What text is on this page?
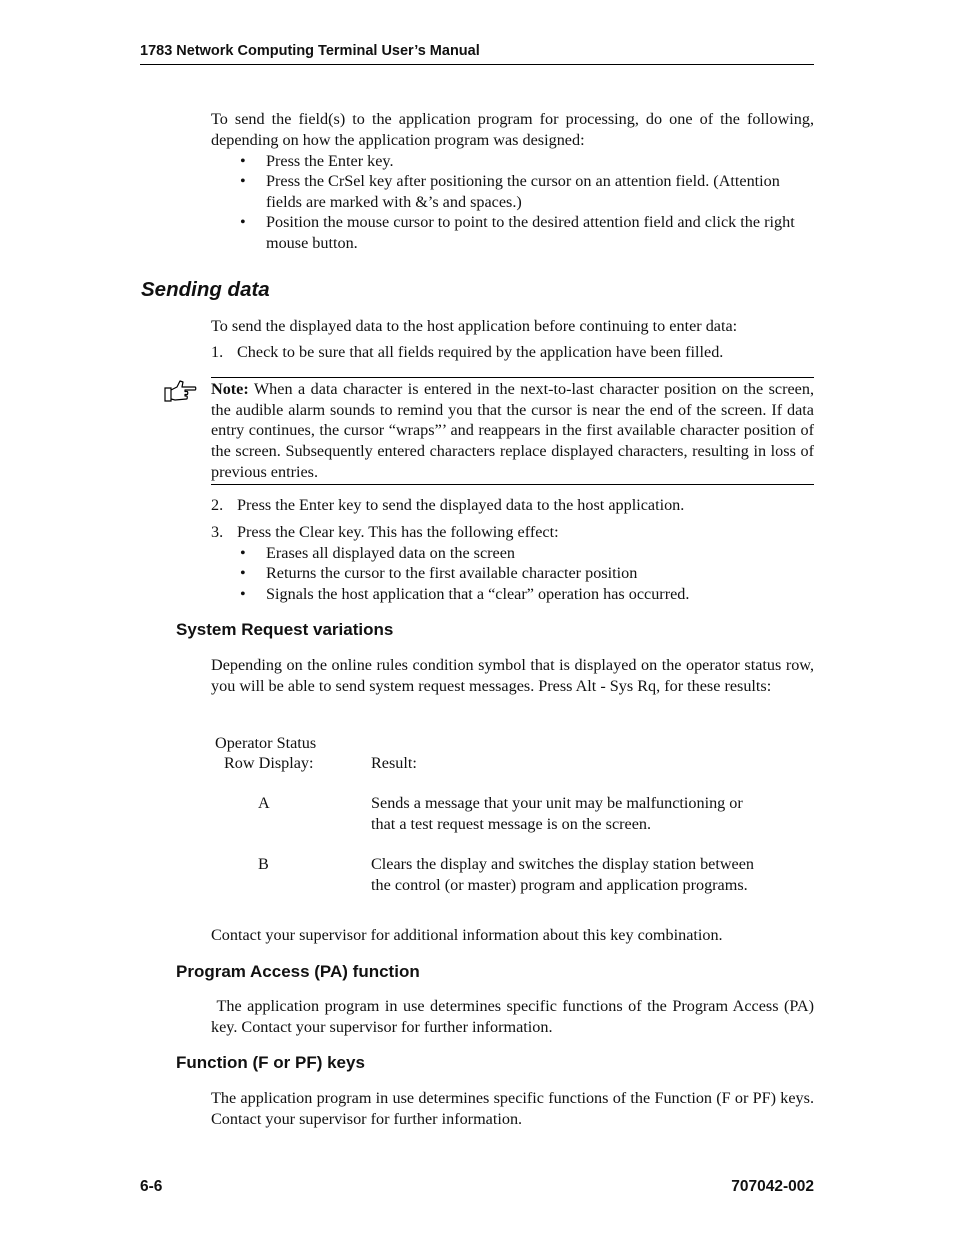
1783 Network Computing Terminal User’s Manual
To send the field(s) to the application program for processing, do one of the following, depending on how the application program was designed:
• Press the Enter key.
• Press the CrSel key after positioning the cursor on an attention field. (Attention fields are marked with &’s and spaces.)
• Position the mouse cursor to point to the desired attention field and click the right mouse button.
Sending data
To send the displayed data to the host application before continuing to enter data:
1. Check to be sure that all fields required by the application have been filled.
Note: When a data character is entered in the next-to-last character position on the screen, the audible alarm sounds to remind you that the cursor is near the end of the screen. If data entry continues, the cursor “wraps”’ and reappears in the first available character position of the screen. Subsequently entered characters replace displayed characters, resulting in loss of previous entries.
2. Press the Enter key to send the displayed data to the host application.
3. Press the Clear key. This has the following effect:
• Erases all displayed data on the screen
• Returns the cursor to the first available character position
• Signals the host application that a “clear” operation has occurred.
System Request variations
Depending on the online rules condition symbol that is displayed on the operator status row, you will be able to send system request messages. Press Alt - Sys Rq, for these results:
Operator Status
Row Display:	Result:
A	Sends a message that your unit may be malfunctioning or
that a test request message is on the screen.
B	Clears the display and switches the display station between
the control (or master) program and application programs.
Contact your supervisor for additional information about this key combination.
Program Access (PA) function
The application program in use determines specific functions of the Program Access (PA) key. Contact your supervisor for further information.
Function (F or PF) keys
The application program in use determines specific functions of the Function (F or PF) keys. Contact your supervisor for further information.
6-6	707042-002
